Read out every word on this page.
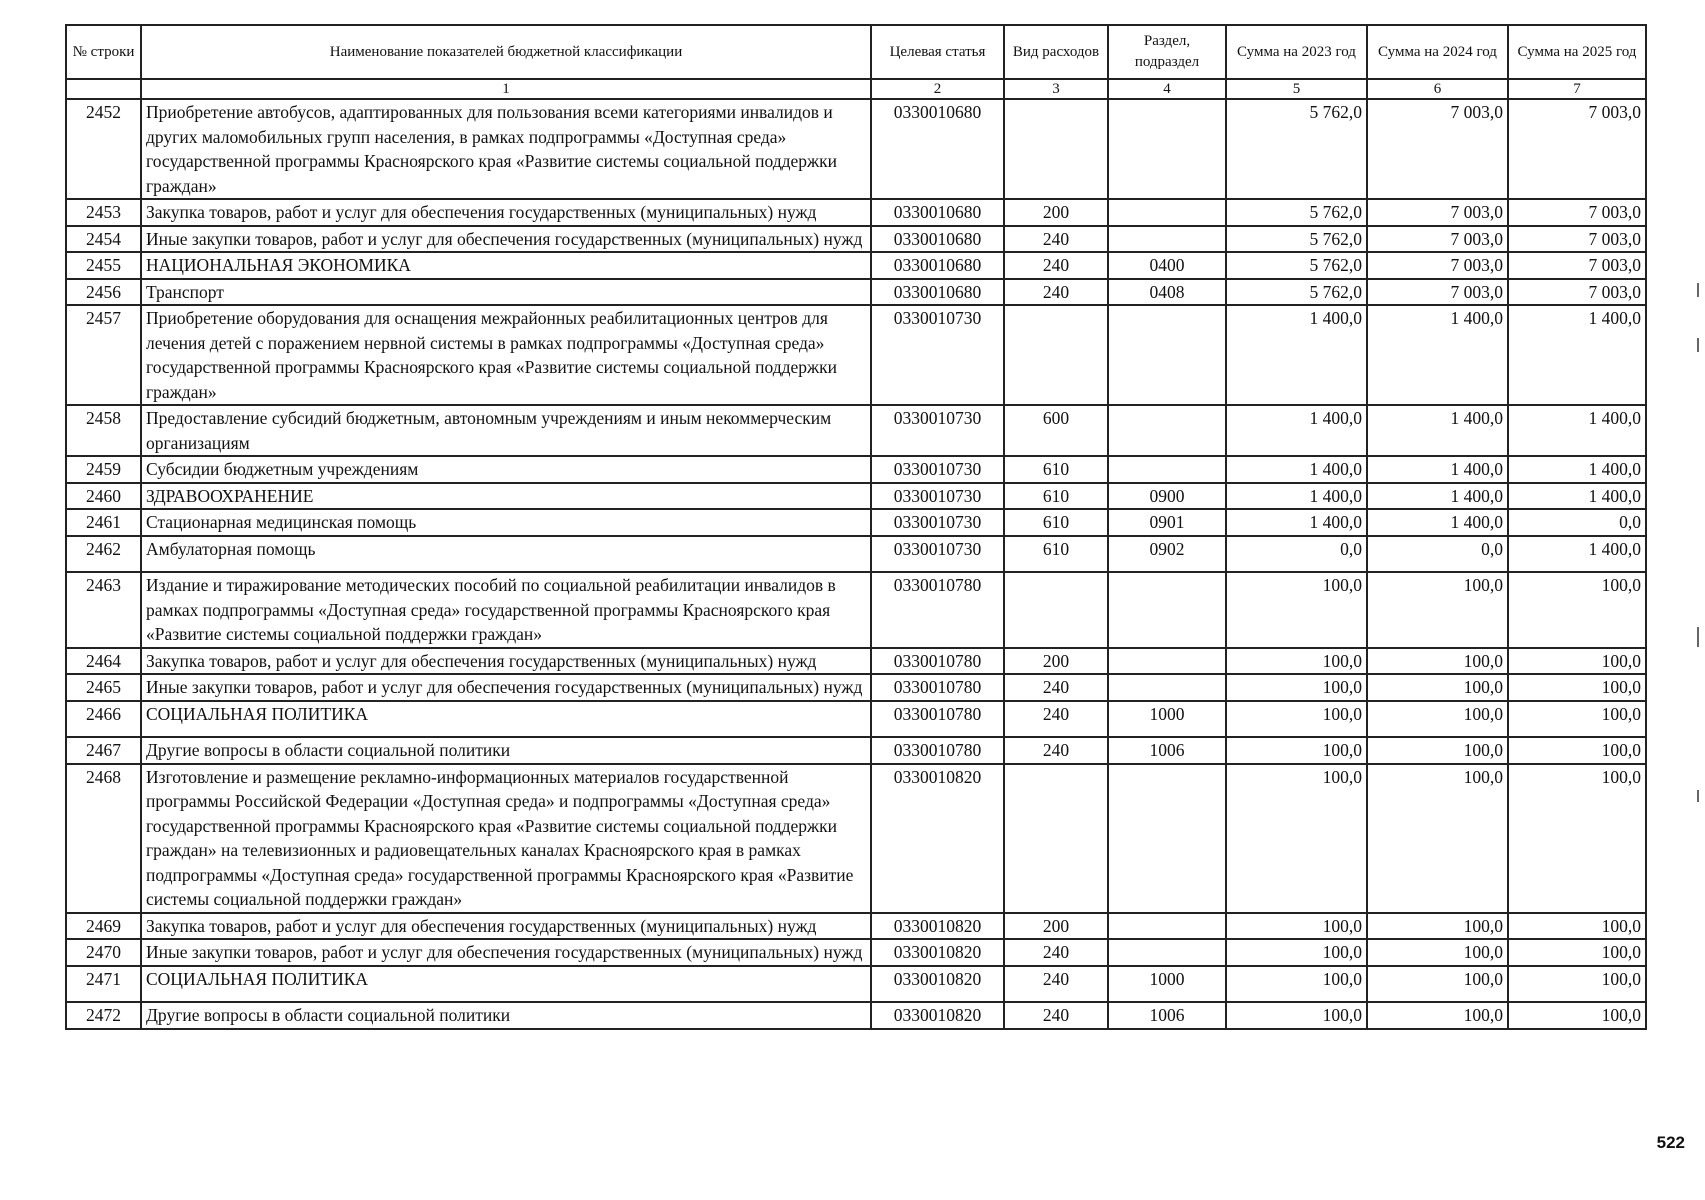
№ строки	Наименование показателей бюджетной классификации	Целевая статья	Вид расходов	Раздел, подраздел	Сумма на 2023 год	Сумма на 2024 год	Сумма на 2025 год
	1	2	3	4	5	6	7
2452	Приобретение автобусов, адаптированных для пользования всеми категориями инвалидов и других маломобильных групп населения, в рамках подпрограммы «Доступная среда» государственной программы Красноярского края «Развитие системы социальной поддержки граждан»	0330010680			5 762,0	7 003,0	7 003,0
2453	Закупка товаров, работ и услуг для обеспечения государственных (муниципальных) нужд	0330010680	200		5 762,0	7 003,0	7 003,0
2454	Иные закупки товаров, работ и услуг для обеспечения государственных (муниципальных) нужд	0330010680	240		5 762,0	7 003,0	7 003,0
2455	НАЦИОНАЛЬНАЯ ЭКОНОМИКА	0330010680	240	0400	5 762,0	7 003,0	7 003,0
2456	Транспорт	0330010680	240	0408	5 762,0	7 003,0	7 003,0
2457	Приобретение оборудования для оснащения межрайонных реабилитационных центров для лечения детей с поражением нервной системы в рамках подпрограммы «Доступная среда» государственной программы Красноярского края «Развитие системы социальной поддержки граждан»	0330010730			1 400,0	1 400,0	1 400,0
2458	Предоставление субсидий бюджетным, автономным учреждениям и иным некоммерческим организациям	0330010730	600		1 400,0	1 400,0	1 400,0
2459	Субсидии бюджетным учреждениям	0330010730	610		1 400,0	1 400,0	1 400,0
2460	ЗДРАВООХРАНЕНИЕ	0330010730	610	0900	1 400,0	1 400,0	1 400,0
2461	Стационарная медицинская помощь	0330010730	610	0901	1 400,0	1 400,0	0,0
2462	Амбулаторная помощь	0330010730	610	0902	0,0	0,0	1 400,0
2463	Издание и тиражирование методических пособий по социальной реабилитации инвалидов в рамках подпрограммы «Доступная среда» государственной программы Красноярского края «Развитие системы социальной поддержки граждан»	0330010780			100,0	100,0	100,0
2464	Закупка товаров, работ и услуг для обеспечения государственных (муниципальных) нужд	0330010780	200		100,0	100,0	100,0
2465	Иные закупки товаров, работ и услуг для обеспечения государственных (муниципальных) нужд	0330010780	240		100,0	100,0	100,0
2466	СОЦИАЛЬНАЯ ПОЛИТИКА	0330010780	240	1000	100,0	100,0	100,0
2467	Другие вопросы в области социальной политики	0330010780	240	1006	100,0	100,0	100,0
2468	Изготовление и размещение рекламно-информационных материалов государственной программы Российской Федерации «Доступная среда» и подпрограммы «Доступная среда» государственной программы Красноярского края «Развитие системы социальной поддержки граждан» на телевизионных и радиовещательных каналах Красноярского края в рамках подпрограммы «Доступная среда» государственной программы Красноярского края «Развитие системы социальной поддержки граждан»	0330010820			100,0	100,0	100,0
2469	Закупка товаров, работ и услуг для обеспечения государственных (муниципальных) нужд	0330010820	200		100,0	100,0	100,0
2470	Иные закупки товаров, работ и услуг для обеспечения государственных (муниципальных) нужд	0330010820	240		100,0	100,0	100,0
2471	СОЦИАЛЬНАЯ ПОЛИТИКА	0330010820	240	1000	100,0	100,0	100,0
2472	Другие вопросы в области социальной политики	0330010820	240	1006	100,0	100,0	100,0
522
